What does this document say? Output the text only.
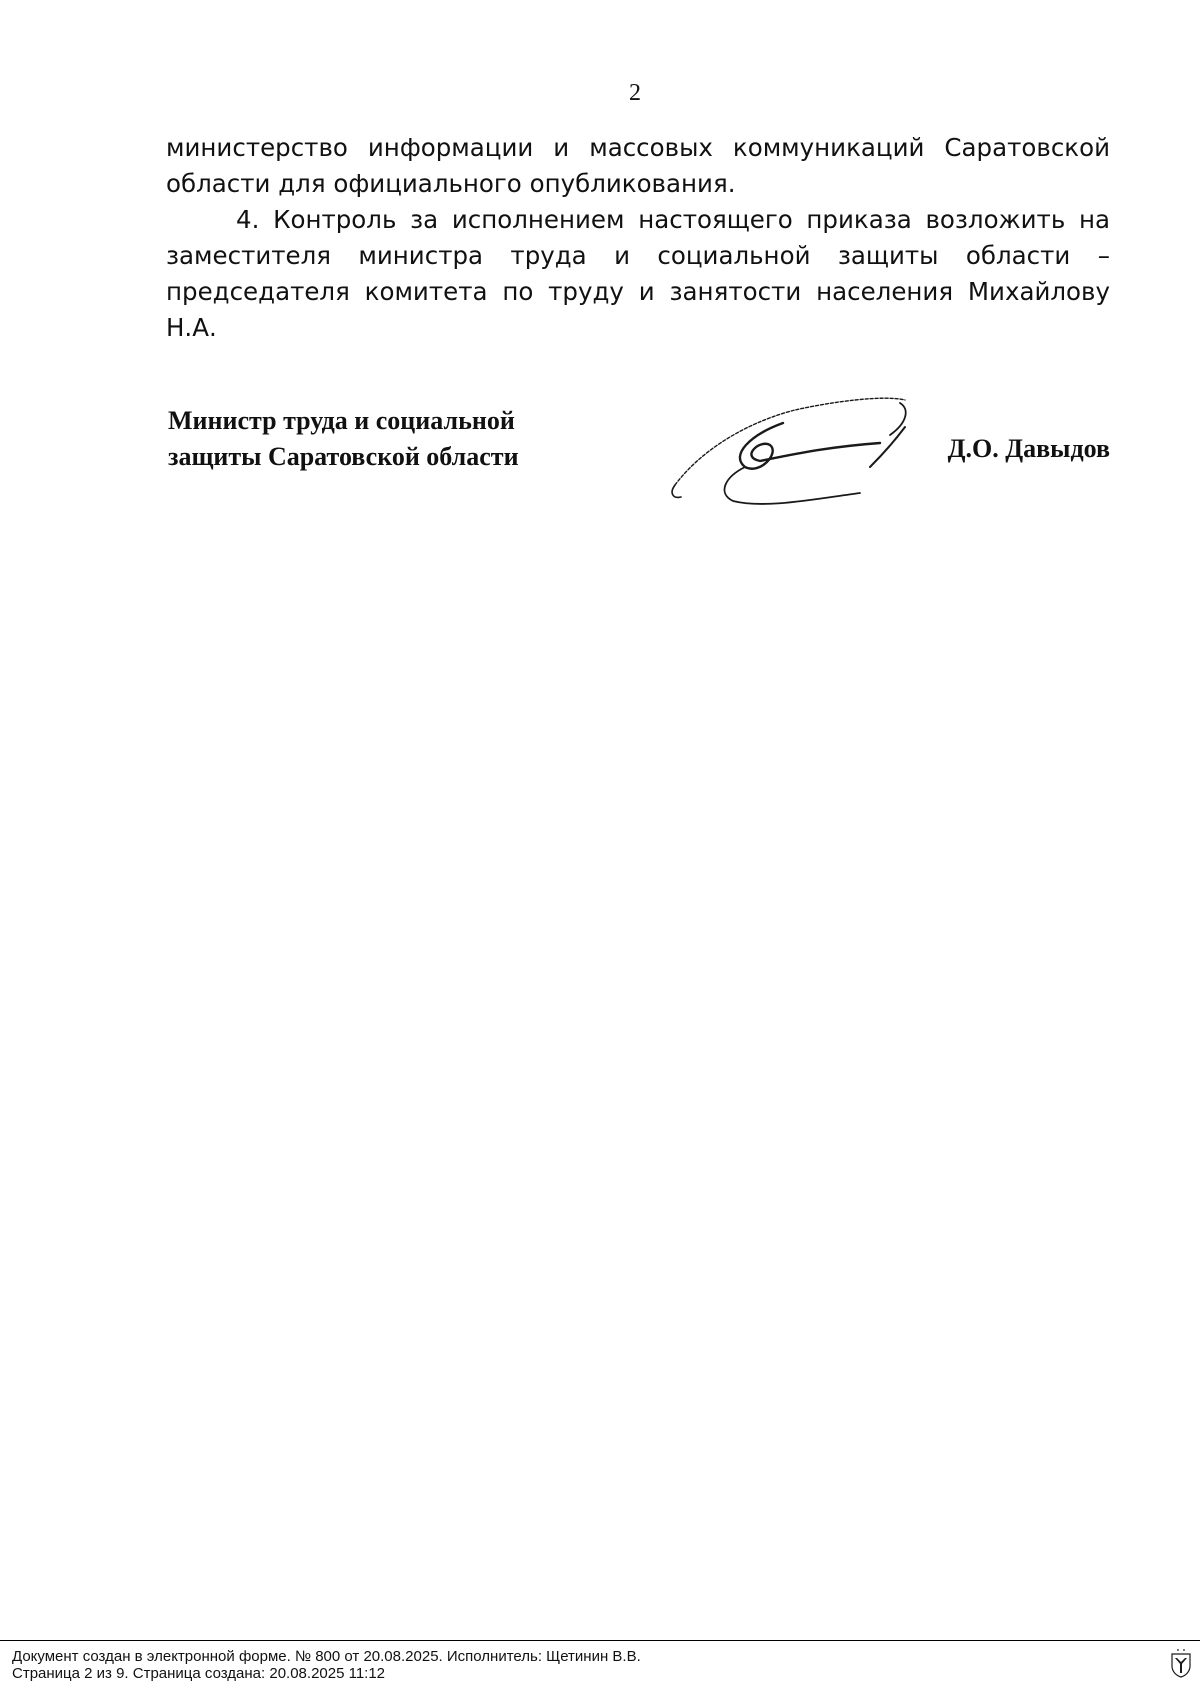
2

министерство информации и массовых коммуникаций Саратовской области для официального опубликования.

4. Контроль за исполнением настоящего приказа возложить на заместителя министра труда и социальной защиты области – председателя комитета по труду и занятости населения Михайлову Н.А.

Министр труда и социальной
защиты Саратовской области	Д.О. Давыдов
Документ создан в электронной форме. № 800 от 20.08.2025. Исполнитель: Щетинин В.В.
Страница 2 из 9. Страница создана: 20.08.2025 11:12
